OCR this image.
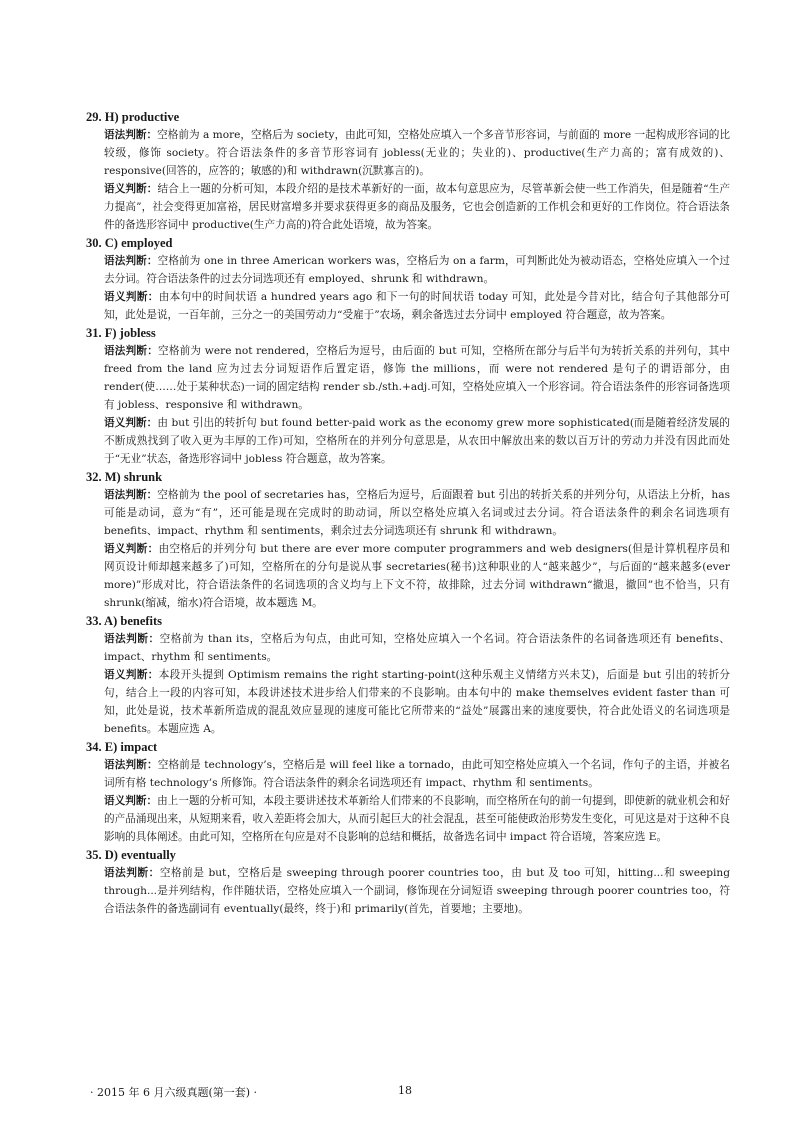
29. H) productive

语法判断：空格前为 a more，空格后为 society，由此可知，空格处应填入一个多音节形容词，与前面的 more 一起构成形容词的比较级，修饰 society。符合语法条件的多音节形容词有 jobless(无业的；失业的)、productive(生产力高的；富有成效的)、responsive(回答的，应答的；敏感的)和 withdrawn(沉默寡言的)。

语义判断：结合上一题的分析可知，本段介绍的是技术革新好的一面，故本句意思应为，尽管革新会使一些工作消失，但是随着“生产力提高”，社会变得更加富裕，居民财富增多并要求获得更多的商品及服务，它也会创造新的工作机会和更好的工作岗位。符合语法条件的备选形容词中 productive(生产力高的)符合此处语境，故为答案。

30. C) employed

语法判断：空格前为 one in three American workers was，空格后为 on a farm，可判断此处为被动语态，空格处应填入一个过去分词。符合语法条件的过去分词选项还有 employed、shrunk 和 withdrawn。

语义判断：由本句中的时间状语 a hundred years ago 和下一句的时间状语 today 可知，此处是今昔对比，结合句子其他部分可知，此处是说，一百年前，三分之一的美国劳动力“受雇于”农场，剩余备选过去分词中 employed 符合题意，故为答案。

31. F) jobless

语法判断：空格前为 were not rendered，空格后为逗号，由后面的 but 可知，空格所在部分与后半句为转折关系的并列句，其中 freed from the land 应为过去分词短语作后置定语，修饰 the millions，而 were not rendered 是句子的谓语部分，由 render(使……处于某种状态)一词的固定结构 render sb./sth.+adj.可知，空格处应填入一个形容词。符合语法条件的形容词备选项有 jobless、responsive 和 withdrawn。

语义判断：由 but 引出的转折句 but found better-paid work as the economy grew more sophisticated(而是随着经济发展的不断成熟找到了收入更为丰厚的工作)可知，空格所在的并列分句意思是，从农田中解放出来的数以百万计的劳动力并没有因此而处于“无业”状态，备选形容词中 jobless 符合题意，故为答案。

32. M) shrunk

语法判断：空格前为 the pool of secretaries has，空格后为逗号，后面跟着 but 引出的转折关系的并列分句，从语法上分析，has 可能是动词，意为“有”，还可能是现在完成时的助动词，所以空格处应填入名词或过去分词。符合语法条件的剩余名词选项有 benefits、impact、rhythm 和 sentiments，剩余过去分词选项还有 shrunk 和 withdrawn。

语义判断：由空格后的并列分句 but there are ever more computer programmers and web designers(但是计算机程序员和网页设计师却越来越多了)可知，空格所在的分句是说从事 secretaries(秘书)这种职业的人“越来越少”，与后面的“越来越多(ever more)”形成对比，符合语法条件的名词选项的含义均与上下文不符，故排除，过去分词 withdrawn“撤退，撤回”也不恰当，只有 shrunk(缩减，缩水)符合语境，故本题选 M。

33. A) benefits

语法判断：空格前为 than its，空格后为句点，由此可知，空格处应填入一个名词。符合语法条件的名词备选项还有 benefits、impact、rhythm 和 sentiments。

语义判断：本段开头提到 Optimism remains the right starting-point(这种乐观主义情绪方兴未艾)，后面是 but 引出的转折分句，结合上一段的内容可知，本段讲述技术进步给人们带来的不良影响。由本句中的 make themselves evident faster than 可知，此处是说，技术革新所造成的混乱效应显现的速度可能比它所带来的“益处”展露出来的速度要快，符合此处语义的名词选项是 benefits。本题应选 A。

34. E) impact

语法判断：空格前是 technology’s，空格后是 will feel like a tornado，由此可知空格处应填入一个名词，作句子的主语，并被名词所有格 technology’s 所修饰。符合语法条件的剩余名词选项还有 impact、rhythm 和 sentiments。

语义判断：由上一题的分析可知，本段主要讲述技术革新给人们带来的不良影响，而空格所在句的前一句提到，即使新的就业机会和好的产品涌现出来，从短期来看，收入差距将会加大，从而引起巨大的社会混乱，甚至可能使政治形势发生变化，可见这是对于这种不良影响的具体阐述。由此可知，空格所在句应是对不良影响的总结和概括，故备选名词中 impact 符合语境，答案应选 E。

35. D) eventually

语法判断：空格前是 but，空格后是 sweeping through poorer countries too，由 but 及 too 可知，hitting...和 sweeping through...是并列结构，作伴随状语，空格处应填入一个副词，修饰现在分词短语 sweeping through poorer countries too，符合语法条件的备选副词有 eventually(最终，终于)和 primarily(首先，首要地；主要地)。

· 2015 年 6 月六级真题(第一套) ·	18
